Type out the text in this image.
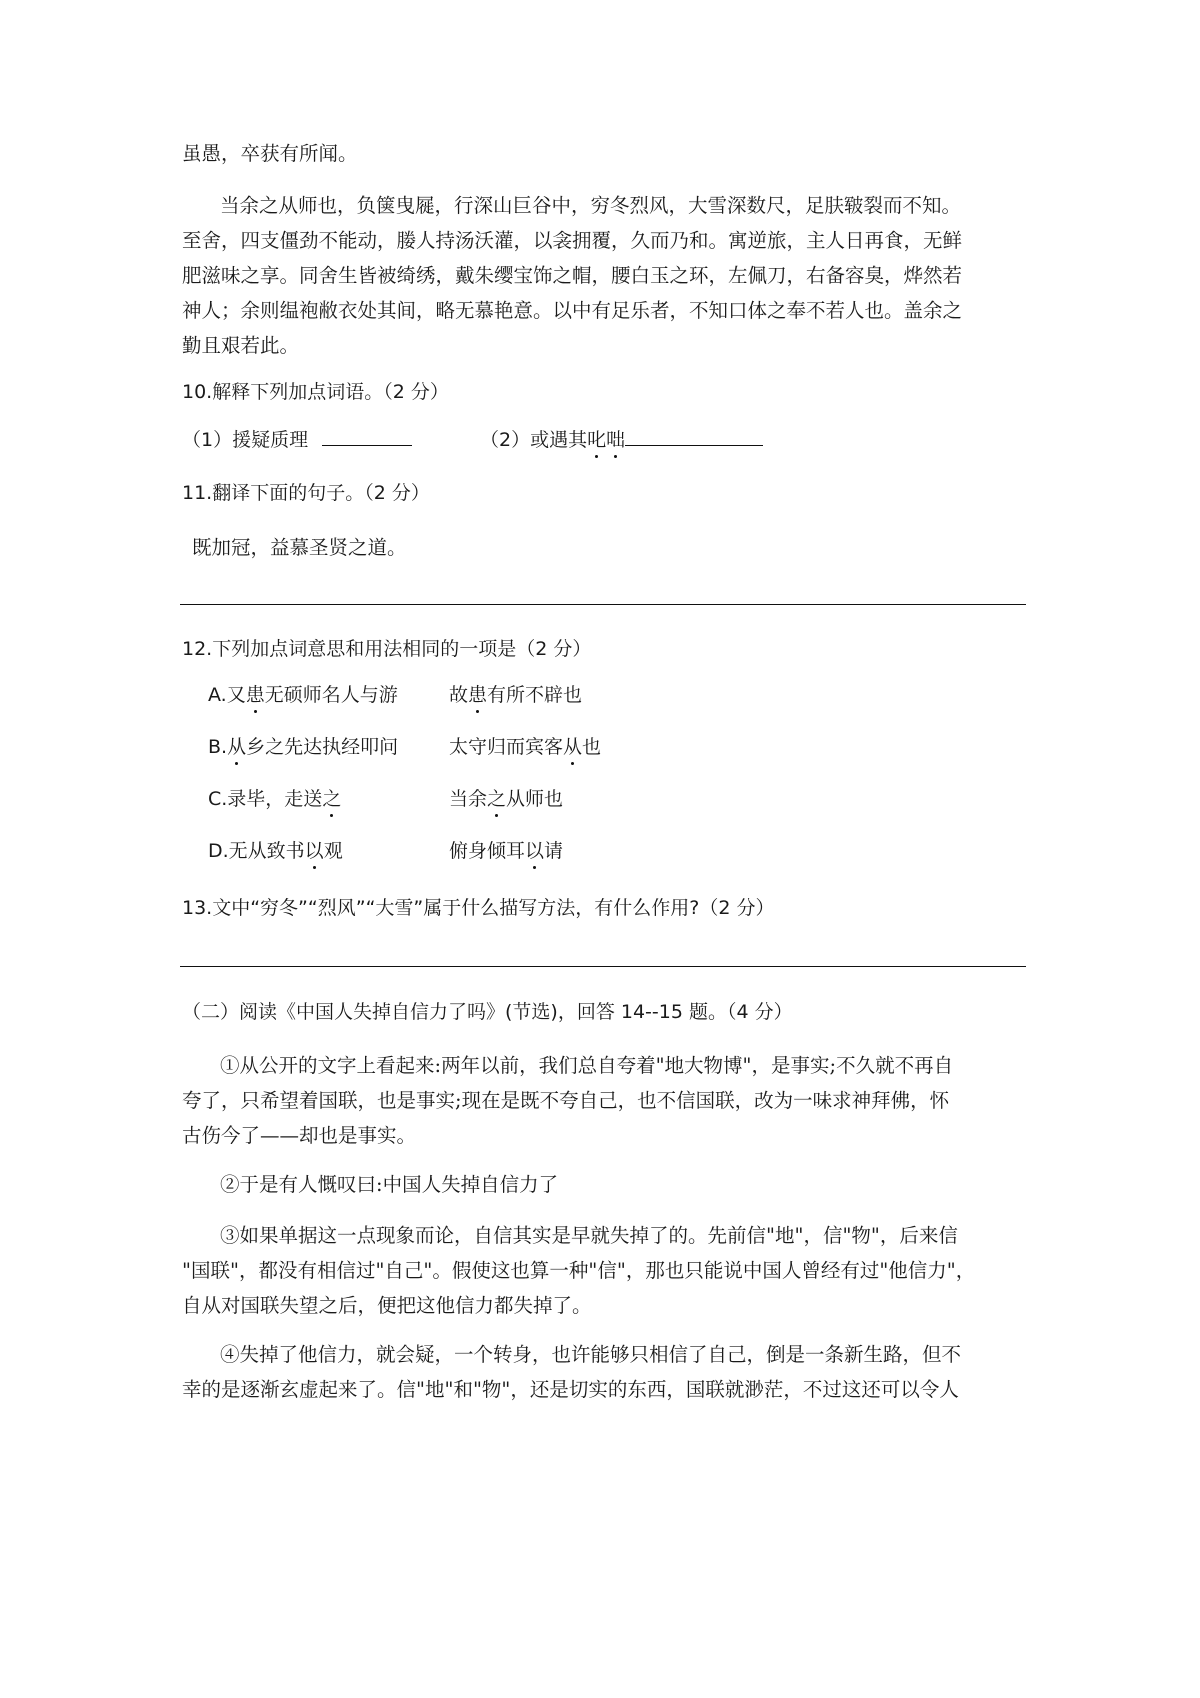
虽愚，卒获有所闻。
当余之从师也，负箧曳屣，行深山巨谷中，穷冬烈风，大雪深数尺，足肤皲裂而不知。
至舍，四支僵劲不能动，媵人持汤沃灌，以衾拥覆，久而乃和。寓逆旅，主人日再食，无鲜
肥滋味之享。同舍生皆被绮绣，戴朱缨宝饰之帽，腰白玉之环，左佩刀，右备容臭，烨然若
神人；余则缊袍敝衣处其间，略无慕艳意。以中有足乐者，不知口体之奉不若人也。盖余之
勤且艰若此。
10.解释下列加点词语。（2 分）
（1）援疑质理	（2）或遇其叱咄
11.翻译下面的句子。（2 分）
既加冠，益慕圣贤之道。
12.下列加点词意思和用法相同的一项是（2 分）
A.又患无硕师名人与游	故患有所不辟也
B.从乡之先达执经叩问	太守归而宾客从也
C.录毕，走送之	当余之从师也
D.无从致书以观	俯身倾耳以请
13.文中“穷冬”“烈风”“大雪”属于什么描写方法，有什么作用?（2 分）
（二）阅读《中国人失掉自信力了吗》(节选)，回答 14--15 题。（4 分）
①从公开的文字上看起来:两年以前，我们总自夸着"地大物博"，是事实;不久就不再自
夸了，只希望着国联，也是事实;现在是既不夸自己，也不信国联，改为一味求神拜佛，怀
古伤今了——却也是事实。
②于是有人慨叹曰:中国人失掉自信力了
③如果单据这一点现象而论，自信其实是早就失掉了的。先前信"地"，信"物"，后来信
"国联"，都没有相信过"自己"。假使这也算一种"信"，那也只能说中国人曾经有过"他信力"，
自从对国联失望之后，便把这他信力都失掉了。
④失掉了他信力，就会疑，一个转身，也许能够只相信了自己，倒是一条新生路，但不
幸的是逐渐玄虚起来了。信"地"和"物"，还是切实的东西，国联就渺茫，不过这还可以令人
